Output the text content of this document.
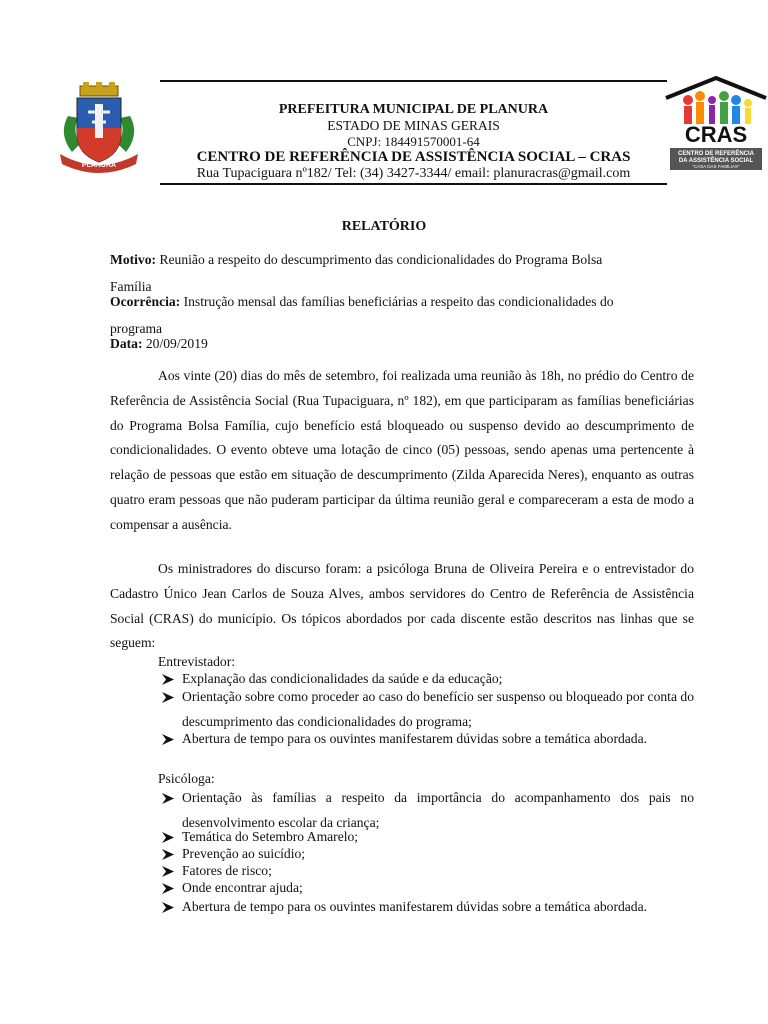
PLANURA
CRAS
CENTRO DE REFERÊNCIA
DA ASSISTÊNCIA SOCIAL
"CASA DAS FAMÍLIAS"
PREFEITURA MUNICIPAL DE PLANURA
ESTADO DE MINAS GERAIS
CNPJ: 184491570001-64
CENTRO DE REFERÊNCIA DE ASSISTÊNCIA SOCIAL – CRAS
Rua Tupaciguara nº182/ Tel: (34) 3427-3344/ email: planuracras@gmail.com
RELATÓRIO
Motivo: Reunião a respeito do descumprimento das condicionalidades do Programa Bolsa
Família
Ocorrência: Instrução mensal das famílias beneficiárias a respeito das condicionalidades do
programa
Data: 20/09/2019

Aos vinte (20) dias do mês de setembro, foi realizada uma reunião às 18h, no prédio do Centro de Referência de Assistência Social (Rua Tupaciguara, nº 182), em que participaram as famílias beneficiárias do Programa Bolsa Família, cujo benefício está bloqueado ou suspenso devido ao descumprimento de condicionalidades. O evento obteve uma lotação de cinco (05) pessoas, sendo apenas uma pertencente à relação de pessoas que estão em situação de descumprimento (Zilda Aparecida Neres), enquanto as outras quatro eram pessoas que não puderam participar da última reunião geral e compareceram a esta de modo a compensar a ausência.

Os ministradores do discurso foram: a psicóloga Bruna de Oliveira Pereira e o entrevistador do Cadastro Único Jean Carlos de Souza Alves, ambos servidores do Centro de Referência de Assistência Social (CRAS) do município. Os tópicos abordados por cada discente estão descritos nas linhas que se seguem:

Entrevistador:
Explanação das condicionalidades da saúde e da educação;
Orientação sobre como proceder ao caso do benefício ser suspenso ou bloqueado por conta do descumprimento das condicionalidades do programa;
Abertura de tempo para os ouvintes manifestarem dúvidas sobre a temática abordada.
Psicóloga:
Orientação às famílias a respeito da importância do acompanhamento dos pais no desenvolvimento escolar da criança;
Temática do Setembro Amarelo;
Prevenção ao suicídio;
Fatores de risco;
Onde encontrar ajuda;
Abertura de tempo para os ouvintes manifestarem dúvidas sobre a temática abordada.
